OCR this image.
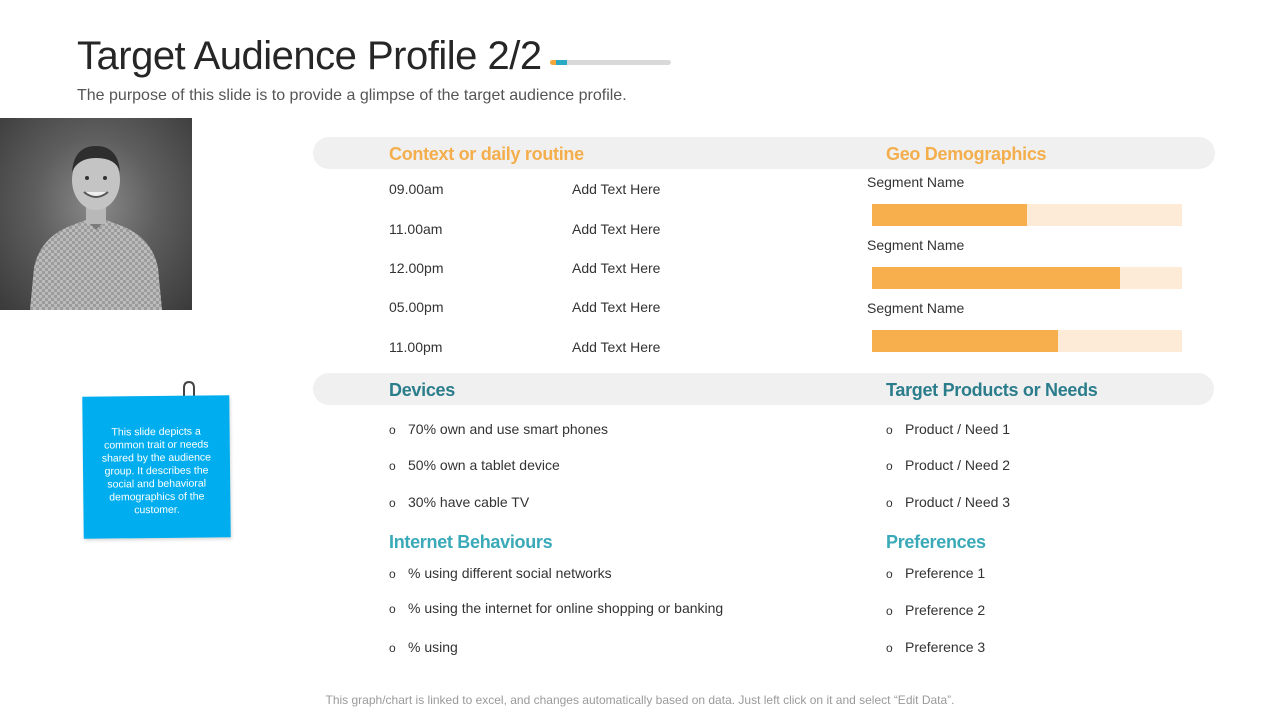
Target Audience Profile 2/2
The purpose of this slide is to provide a glimpse of the target audience profile.
This slide depicts a common trait or needs shared by the audience group. It describes the social and behavioral demographics of the customer.
Context or daily routine	Geo Demographics
09.00am	Add Text Here
11.00am	Add Text Here
12.00pm	Add Text Here
05.00pm	Add Text Here
11.00pm	Add Text Here
Segment Name
Segment Name
Segment Name
Devices	Target Products or Needs
o 70% own and use smart phones
o 50% own a tablet device
o 30% have cable TV
o Product / Need 1
o Product / Need 2
o Product / Need 3
Internet Behaviours	Preferences
o % using different social networks
o % using the internet for online shopping or banking
o % using
o Preference 1
o Preference 2
o Preference 3
This graph/chart is linked to excel, and changes automatically based on data. Just left click on it and select “Edit Data”.
